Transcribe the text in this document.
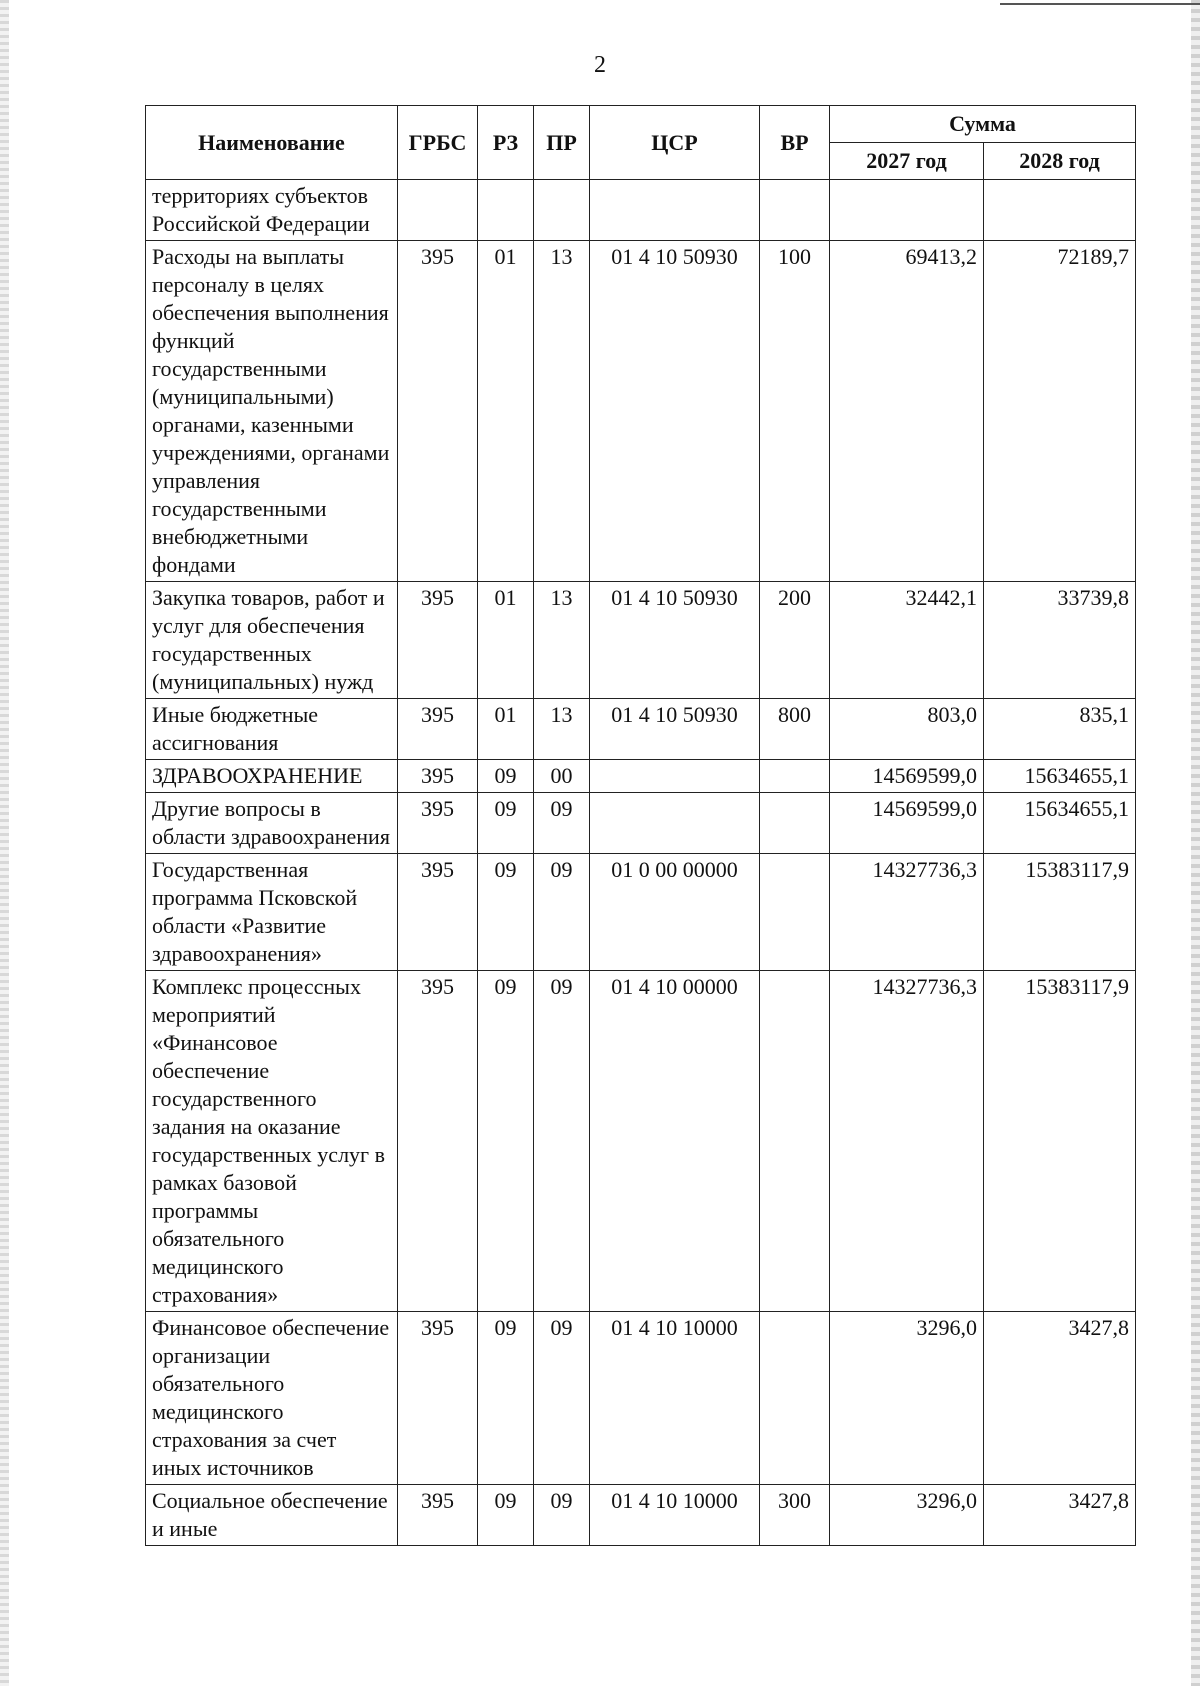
2
Наименование	ГРБС	РЗ	ПР	ЦСР	ВР	Сумма	
						2027 год	2028 год
территориях субъектов Российской Федерации							
Расходы на выплаты персоналу в целях обеспечения выполнения функций государственными (муниципальными) органами, казенными учреждениями, органами управления государственными внебюджетными фондами	395	01	13	01 4 10 50930	100	69413,2	72189,7
Закупка товаров, работ и услуг для обеспечения государственных (муниципальных) нужд	395	01	13	01 4 10 50930	200	32442,1	33739,8
Иные бюджетные ассигнования	395	01	13	01 4 10 50930	800	803,0	835,1
ЗДРАВООХРАНЕНИЕ	395	09	00			14569599,0	15634655,1
Другие вопросы в области здравоохранения	395	09	09			14569599,0	15634655,1
Государственная программа Псковской области «Развитие здравоохранения»	395	09	09	01 0 00 00000		14327736,3	15383117,9
Комплекс процессных мероприятий «Финансовое обеспечение государственного задания на оказание государственных услуг в рамках базовой программы обязательного медицинского страхования»	395	09	09	01 4 10 00000		14327736,3	15383117,9
Финансовое обеспечение организации обязательного медицинского страхования за счет иных источников	395	09	09	01 4 10 10000		3296,0	3427,8
Социальное обеспечение и иные	395	09	09	01 4 10 10000	300	3296,0	3427,8
